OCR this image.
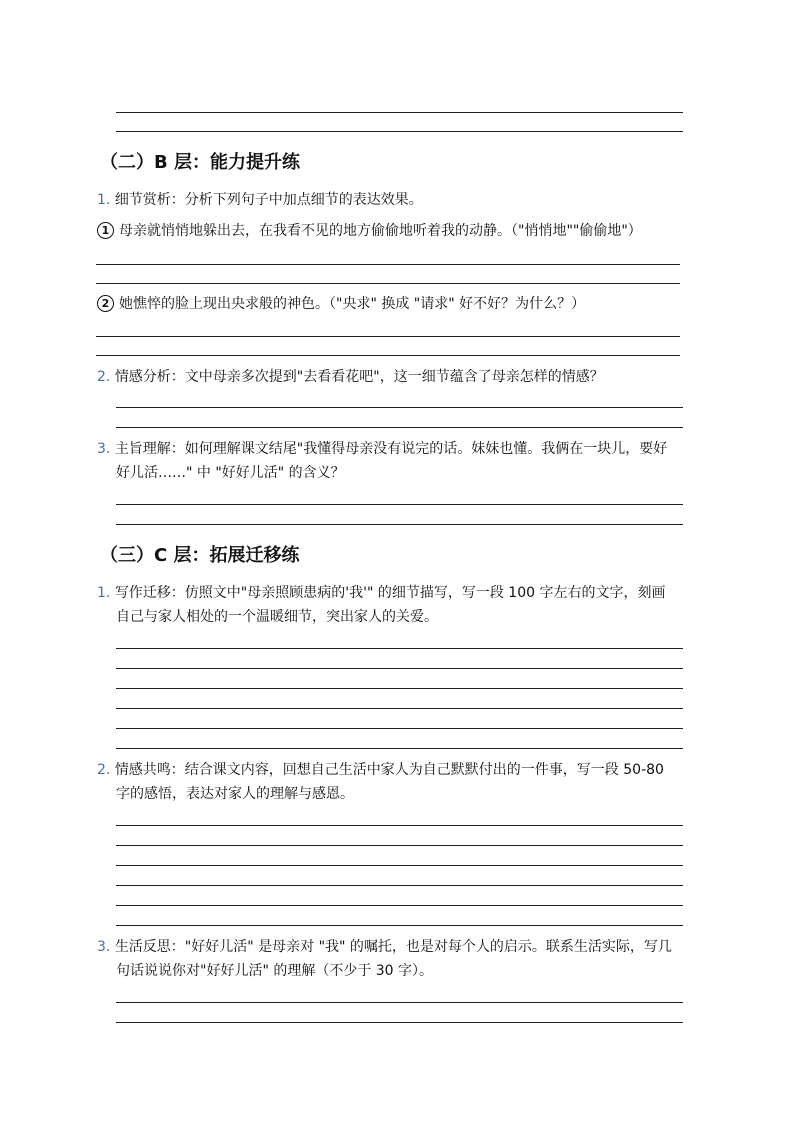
（二）B 层：能力提升练
1. 细节赏析：分析下列句子中加点细节的表达效果。
1 母亲就悄悄地躲出去，在我看不见的地方偷偷地听着我的动静。（"悄悄地""偷偷地"）
2 她憔悴的脸上现出央求般的神色。（"央求" 换成 "请求" 好不好？为什么？）
2. 情感分析：文中母亲多次提到"去看看花吧"，这一细节蕴含了母亲怎样的情感？
3. 主旨理解：如何理解课文结尾"我懂得母亲没有说完的话。妹妹也懂。我俩在一块儿，要好
好儿活……" 中 "好好儿活" 的含义？
（三）C 层：拓展迁移练
1. 写作迁移：仿照文中"母亲照顾患病的'我'" 的细节描写，写一段 100 字左右的文字，刻画
自己与家人相处的一个温暖细节，突出家人的关爱。
2. 情感共鸣：结合课文内容，回想自己生活中家人为自己默默付出的一件事，写一段 50-80
字的感悟，表达对家人的理解与感恩。
3. 生活反思："好好儿活" 是母亲对 "我" 的嘱托，也是对每个人的启示。联系生活实际，写几
句话说说你对"好好儿活" 的理解（不少于 30 字）。
